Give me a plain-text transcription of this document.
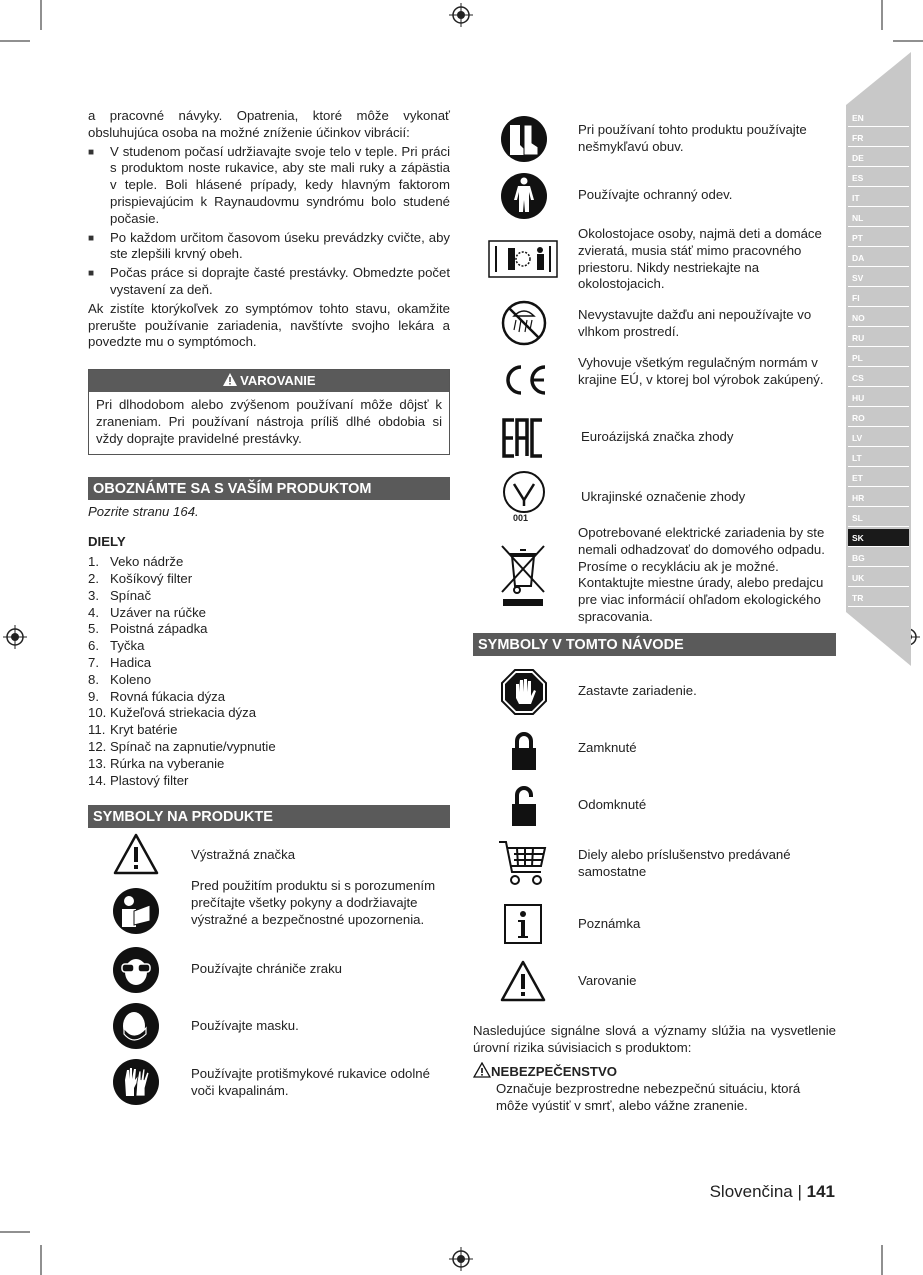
EN
FR
DE
ES
IT
NL
PT
DA
SV
FI
NO
RU
PL
CS
HU
RO
LV
LT
ET
HR
SL
SK
BG
UK
TR

a pracovné návyky. Opatrenia, ktoré môže vykonať obsluhujúca osoba na možné zníženie účinkov vibrácií:

■	V studenom počasí udržiavajte svoje telo v teple. Pri práci s produktom noste rukavice, aby ste mali ruky a zápästia v teple. Boli hlásené prípady, kedy hlavným faktorom prispievajúcim k Raynaudovmu syndrómu bolo studené počasie.
■	Po každom určitom časovom úseku prevádzky cvičte, aby ste zlepšili krvný obeh.
■	Počas práce si doprajte časté prestávky. Obmedzte počet vystavení za deň.

Ak zistíte ktorýkoľvek zo symptómov tohto stavu, okamžite prerušte používanie zariadenia, navštívte svojho lekára a povedzte mu o symptómoch.

VAROVANIE
Pri dlhodobom alebo zvýšenom používaní môže dôjsť k zraneniam. Pri používaní nástroja príliš dlhé obdobia si vždy doprajte pravidelné prestávky.
OBOZNÁMTE SA S VAŠÍM PRODUKTOM

Pozrite stranu 164.

DIELY

1. Veko nádrže
2. Košíkový filter
3. Spínač
4. Uzáver na rúčke
5. Poistná západka
6. Tyčka
7. Hadica
8. Koleno
9. Rovná fúkacia dýza
10. Kužeľová striekacia dýza
11. Kryt batérie
12. Spínač na zapnutie/vypnutie
13. Rúrka na vyberanie
14. Plastový filter
SYMBOLY NA PRODUKTE
Výstražná značka
Pred použitím produktu si s porozumením prečítajte všetky pokyny a dodržiavajte výstražné a bezpečnostné upozornenia.
Používajte chrániče zraku
Používajte masku.
Používajte protišmykové rukavice odolné voči kvapalinám.
Pri používaní tohto produktu používajte nešmykľavú obuv.
Používajte ochranný odev.
Okolostojace osoby, najmä deti a domáce zvieratá, musia stáť mimo pracovného priestoru. Nikdy nestriekajte na okolostojacich.
Nevystavujte dažďu ani nepoužívajte vo vlhkom prostredí.
Vyhovuje všetkým regulačným normám v krajine EÚ, v ktorej bol výrobok zakúpený.
Euroázijská značka zhody
001
Ukrajinské označenie zhody
Opotrebované elektrické zariadenia by ste nemali odhadzovať do domového odpadu. Prosíme o recykláciu ak je možné. Kontaktujte miestne úrady, alebo predajcu pre viac informácií ohľadom ekologického spracovania.
SYMBOLY V TOMTO NÁVODE
Zastavte zariadenie.
Zamknuté
Odomknuté
Diely alebo príslušenstvo predávané samostatne
Poznámka
Varovanie
Nasledujúce signálne slová a významy slúžia na vysvetlenie úrovní rizika súvisiacich s produktom:
NEBEZPEČENSTVO
Označuje bezprostredne nebezpečnú situáciu, ktorá môže vyústiť v smrť, alebo vážne zranenie.
Slovenčina | 141
